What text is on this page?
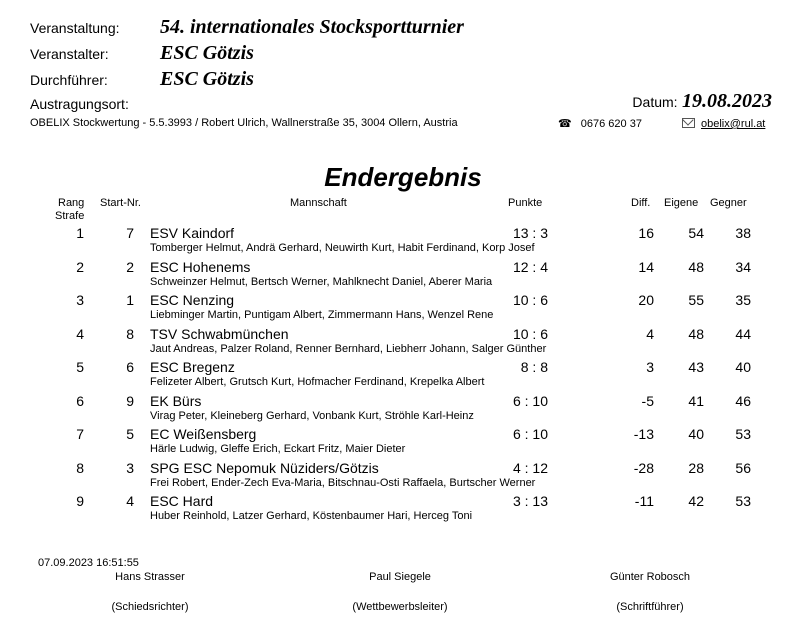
Veranstaltung: 54. internationales Stocksportturnier
Veranstalter:	ESC Götzis
Durchführer:	ESC Götzis
Austragungsort:	Datum: 19.08.2023
OBELIX Stockwertung - 5.5.3993 / Robert Ulrich, Wallnerstraße 35, 3004 Ollern, Austria	☎ 0676 620 37	obelix@rul.at
Endergebnis
Rang
Strafe
Start-Nr.	Mannschaft	Punkte	Diff. Eigene Gegner
1	7 ESV Kaindorf	13 : 3	16	54	38
Tomberger Helmut, Andrä Gerhard, Neuwirth Kurt, Habit Ferdinand, Korp Josef
2	2 ESC Hohenems	12 : 4	14	48	34
Schweinzer Helmut, Bertsch Werner, Mahlknecht Daniel, Aberer Maria
3	1 ESC Nenzing	10 : 6	20	55	35
Liebminger Martin, Puntigam Albert, Zimmermann Hans, Wenzel Rene
4	8 TSV Schwabmünchen	10 : 6	4	48	44
Jaut Andreas, Palzer Roland, Renner Bernhard, Liebherr Johann, Salger Günther
5	6 ESC Bregenz	8 : 8	3	43	40
Felizeter Albert, Grutsch Kurt, Hofmacher Ferdinand, Krepelka Albert
6	9 EK Bürs	6 : 10	-5	41	46
Virag Peter, Kleineberg Gerhard, Vonbank Kurt, Ströhle Karl-Heinz
7	5 EC Weißensberg	6 : 10	-13	40	53
Härle Ludwig, Gleffe Erich, Eckart Fritz, Maier Dieter
8	3 SPG ESC Nepomuk Nüziders/Götzis	4 : 12	-28	28	56
Frei Robert, Ender-Zech Eva-Maria, Bitschnau-Osti Raffaela, Burtscher Werner
9	4 ESC Hard	3 : 13	-11	42	53
Huber Reinhold, Latzer Gerhard, Köstenbaumer Hari, Herceg Toni
07.09.2023 16:51:55
Hans Strasser
(Schiedsrichter)
Paul Siegele
(Wettbewerbsleiter)
Günter Robosch
(Schriftführer)
